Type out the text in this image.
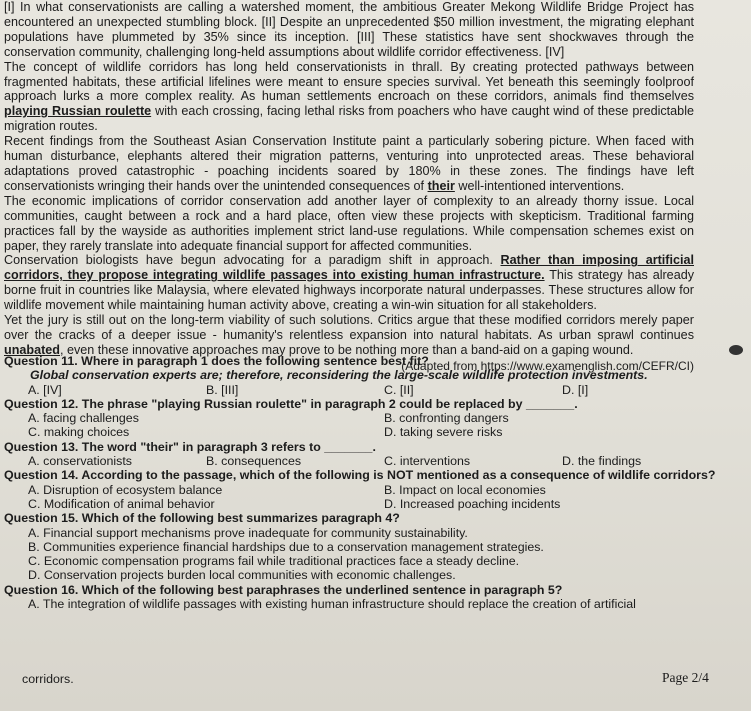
[I] In what conservationists are calling a watershed moment, the ambitious Greater Mekong Wildlife Bridge Project has encountered an unexpected stumbling block. [II] Despite an unprecedented $50 million investment, the migrating elephant populations have plummeted by 35% since its inception. [III] These statistics have sent shockwaves through the conservation community, challenging long-held assumptions about wildlife corridor effectiveness. [IV]

The concept of wildlife corridors has long held conservationists in thrall. By creating protected pathways between fragmented habitats, these artificial lifelines were meant to ensure species survival. Yet beneath this seemingly foolproof approach lurks a more complex reality. As human settlements encroach on these corridors, animals find themselves playing Russian roulette with each crossing, facing lethal risks from poachers who have caught wind of these predictable migration routes.

Recent findings from the Southeast Asian Conservation Institute paint a particularly sobering picture. When faced with human disturbance, elephants altered their migration patterns, venturing into unprotected areas. These behavioral adaptations proved catastrophic - poaching incidents soared by 180% in these zones. The findings have left conservationists wringing their hands over the unintended consequences of their well-intentioned interventions.

The economic implications of corridor conservation add another layer of complexity to an already thorny issue. Local communities, caught between a rock and a hard place, often view these projects with skepticism. Traditional farming practices fall by the wayside as authorities implement strict land-use regulations. While compensation schemes exist on paper, they rarely translate into adequate financial support for affected communities.

Conservation biologists have begun advocating for a paradigm shift in approach. Rather than imposing artificial corridors, they propose integrating wildlife passages into existing human infrastructure. This strategy has already borne fruit in countries like Malaysia, where elevated highways incorporate natural underpasses. These structures allow for wildlife movement while maintaining human activity above, creating a win-win situation for all stakeholders.

Yet the jury is still out on the long-term viability of such solutions. Critics argue that these modified corridors merely paper over the cracks of a deeper issue - humanity's relentless expansion into natural habitats. As urban sprawl continues unabated, even these innovative approaches may prove to be nothing more than a band-aid on a gaping wound.

(Adapted from https://www.examenglish.com/CEFR/CI)
Question 11. Where in paragraph 1 does the following sentence best fit?
Global conservation experts are; therefore, reconsidering the large-scale wildlife protection investments.
A. [IV]	B. [III]	C. [II]	D. [I]
Question 12. The phrase "playing Russian roulette" in paragraph 2 could be replaced by _______.
A. facing challenges	B. confronting dangers
C. making choices	D. taking severe risks
Question 13. The word "their" in paragraph 3 refers to _______.
A. conservationists	B. consequences	C. interventions	D. the findings
Question 14. According to the passage, which of the following is NOT mentioned as a consequence of wildlife corridors?
A. Disruption of ecosystem balance	B. Impact on local economies
C. Modification of animal behavior	D. Increased poaching incidents
Question 15. Which of the following best summarizes paragraph 4?
A. Financial support mechanisms prove inadequate for community sustainability.
B. Communities experience financial hardships due to a conservation management strategies.
C. Economic compensation programs fail while traditional practices face a steady decline.
D. Conservation projects burden local communities with economic challenges.
Question 16. Which of the following best paraphrases the underlined sentence in paragraph 5?
A. The integration of wildlife passages with existing human infrastructure should replace the creation of artificial
corridors.	Page 2/4
